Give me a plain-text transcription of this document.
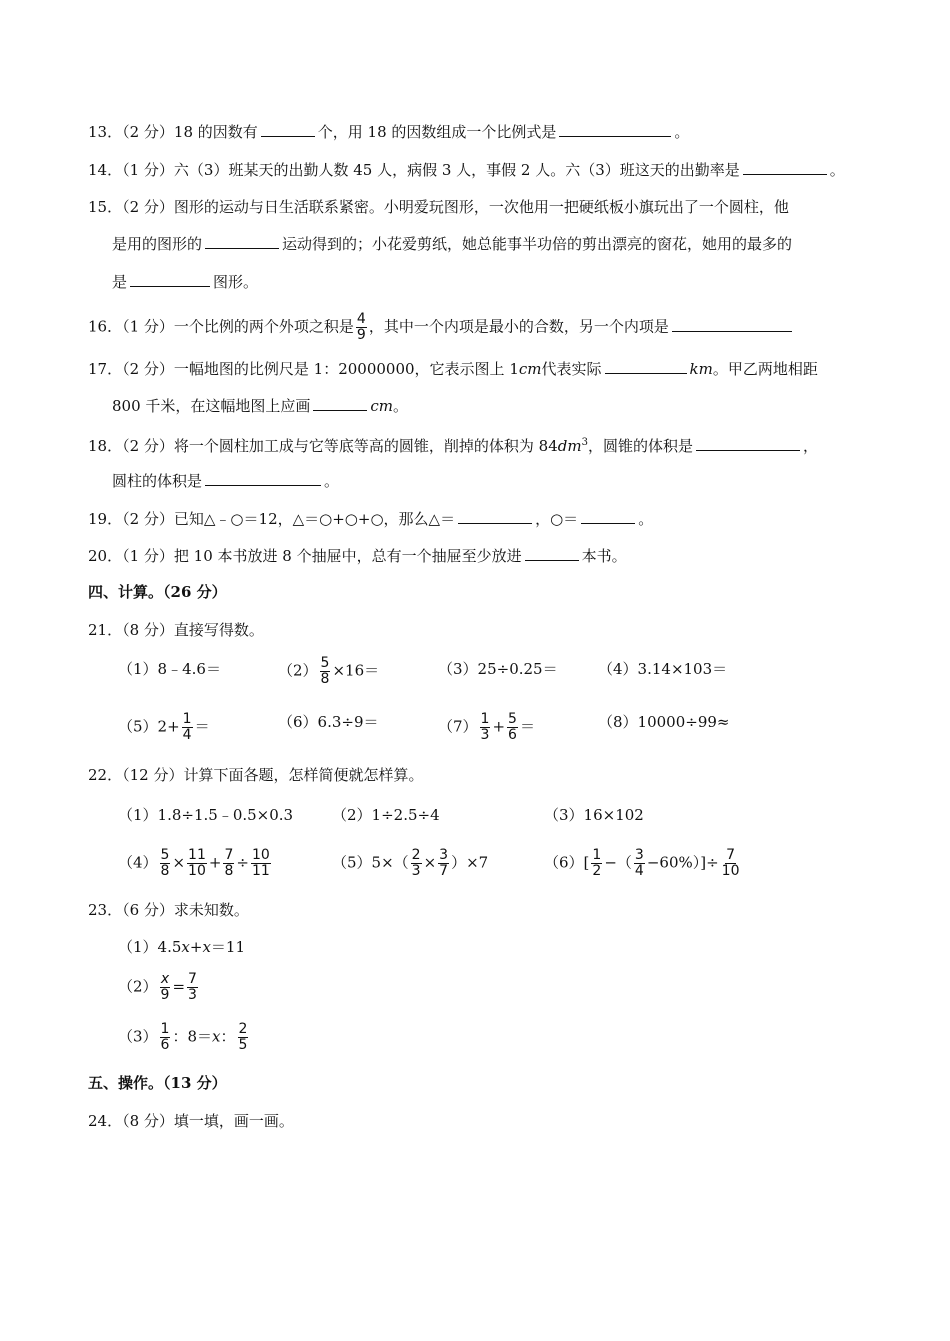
13．（2 分）18 的因数有	个，用 18 的因数组成一个比例式是	。
14．（1 分）六（3）班某天的出勤人数 45 人，病假 3 人，事假 2 人。六（3）班这天的出勤率是	。
15．（2 分）图形的运动与日生活联系紧密。小明爱玩图形，一次他用一把硬纸板小旗玩出了一个圆柱，他
是用的图形的	运动得到的；小花爱剪纸，她总能事半功倍的剪出漂亮的窗花，她用的最多的
是	图形。
16．（1 分）一个比例的两个外项之积是 $\frac{4}{9}$ ，其中一个内项是最小的合数，另一个内项是
17．（2 分）一幅地图的比例尺是 1：20000000，它表示图上 1cm代表实际	km。甲乙两地相距
800 千米，在这幅地图上应画	cm。
18．（2 分）将一个圆柱加工成与它等底等高的圆锥，削掉的体积为 $84dm^3$，圆锥的体积是	，
圆柱的体积是	。
19．（2 分）已知△﹣○＝12，△＝○+○+○，那么△＝	，○＝	。
20．（1 分）把 10 本书放进 8 个抽屉中，总有一个抽屉至少放进	本书。
四、计算。（26 分）
21．（8 分）直接写得数。
（1）8﹣4.6＝	$(2) \frac{5}{8} \times 16=$	（3）25÷0.25＝	（4）3.14×103＝
$(5)2+ \frac{1}{4}$ ＝	（6）6.3÷9＝	$(7) \frac{1}{3} + \frac{5}{6}$ ＝	（8）10000÷99≈
22．（12 分）计算下面各题，怎样简便就怎样算。
（1）1.8÷1.5﹣0.5×0.3	（2）1÷2.5÷4	（3）16×102
$(4) \frac{5}{8} \times \frac{11}{10} + \frac{7}{8} \div \frac{10}{11}$	$(5)5\times( \frac{2}{3} \times \frac{3}{7} )\times 7$	$(6)[ \frac{1}{2}$ −（ $\frac{3}{4} -60\%)]\div \frac{7}{10}$
23．（6 分）求未知数。
（1）4.5x+x＝11
$(2) \frac{x}{9} = \frac{7}{3}$
$(3) \frac{1}{6}$ ：8＝x： $\frac{2}{5}$
五、操作。（13 分）
24．（8 分）填一填，画一画。
